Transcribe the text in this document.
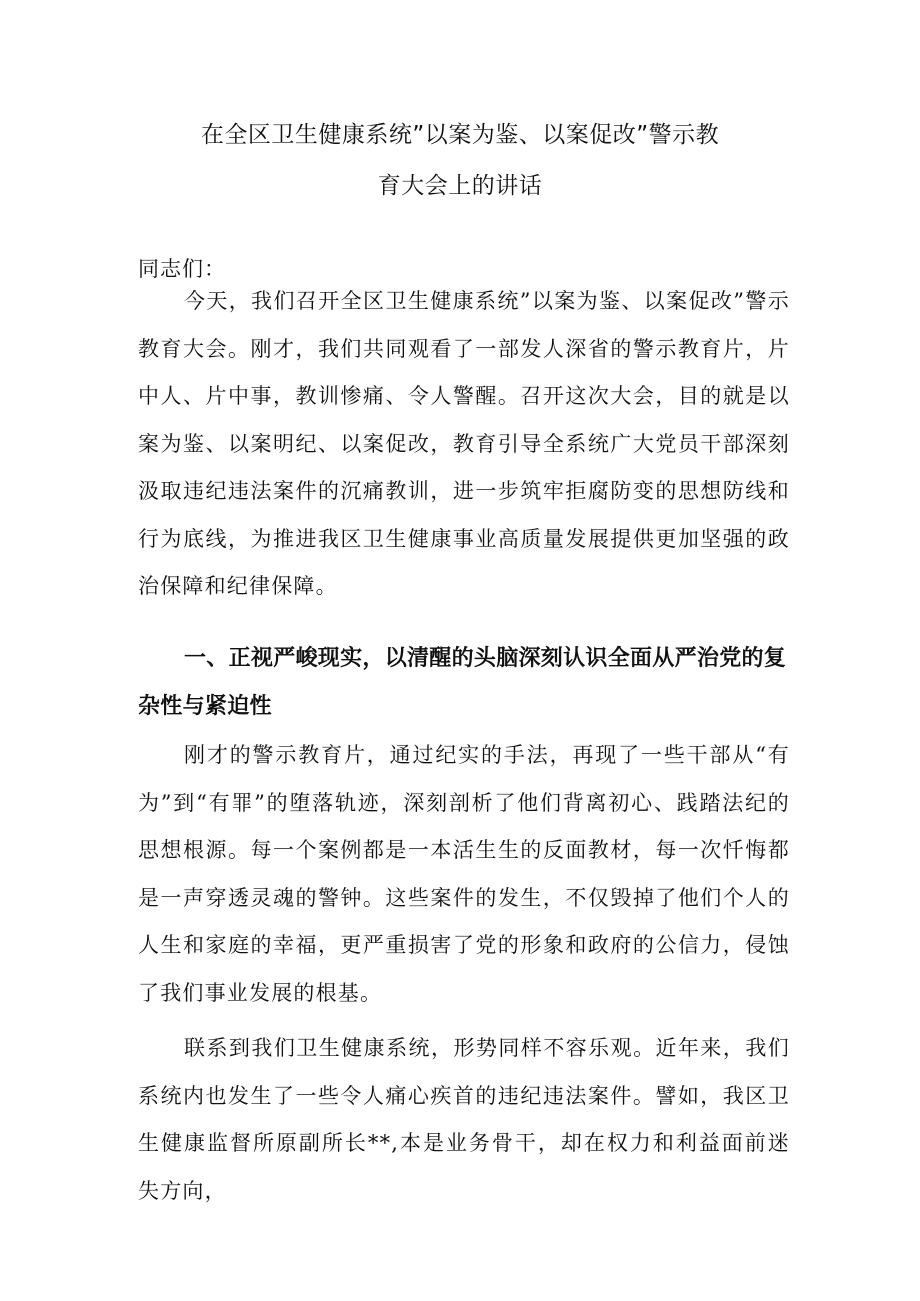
在全区卫生健康系统”以案为鉴、以案促改”警示教
育大会上的讲话

同志们：

今天，我们召开全区卫生健康系统”以案为鉴、以案促改”警示教育大会。刚才，我们共同观看了一部发人深省的警示教育片，片中人、片中事，教训惨痛、令人警醒。召开这次大会，目的就是以案为鉴、以案明纪、以案促改，教育引导全系统广大党员干部深刻汲取违纪违法案件的沉痛教训，进一步筑牢拒腐防变的思想防线和行为底线，为推进我区卫生健康事业高质量发展提供更加坚强的政治保障和纪律保障。

一、正视严峻现实，以清醒的头脑深刻认识全面从严治党的复杂性与紧迫性

刚才的警示教育片，通过纪实的手法，再现了一些干部从“有为”到“有罪”的堕落轨迹，深刻剖析了他们背离初心、践踏法纪的思想根源。每一个案例都是一本活生生的反面教材，每一次忏悔都是一声穿透灵魂的警钟。这些案件的发生，不仅毁掉了他们个人的人生和家庭的幸福，更严重损害了党的形象和政府的公信力，侵蚀了我们事业发展的根基。

联系到我们卫生健康系统，形势同样不容乐观。近年来，我们系统内也发生了一些令人痛心疾首的违纪违法案件。譬如，我区卫生健康监督所原副所长**,本是业务骨干，却在权力和利益面前迷失方向，
